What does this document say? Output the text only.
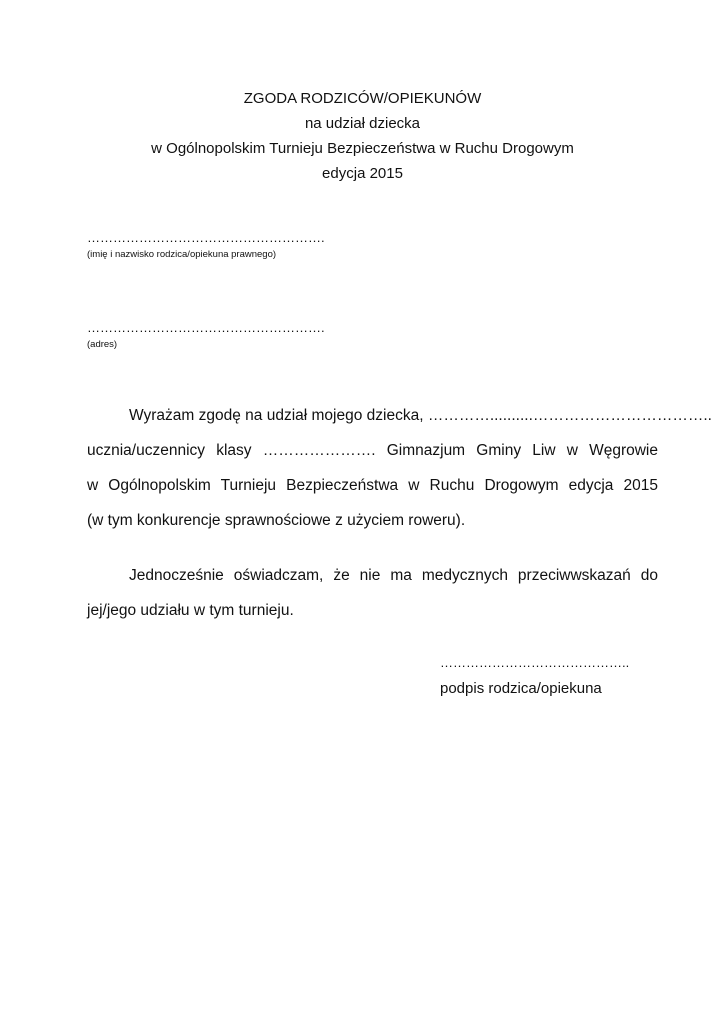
ZGODA RODZICÓW/OPIEKUNÓW
na udział dziecka
w Ogólnopolskim Turnieju Bezpieczeństwa w Ruchu Drogowym
edycja 2015
……………………………………………….
(imię i nazwisko rodzica/opiekuna prawnego)
……………………………………………….
(adres)
Wyrażam zgodę na udział mojego dziecka, …………..........……………………………..
ucznia/uczennicy klasy …………………. Gimnazjum Gminy Liw w Węgrowie
w Ogólnopolskim Turnieju Bezpieczeństwa w Ruchu Drogowym edycja 2015
(w tym konkurencje sprawnościowe z użyciem roweru).
Jednocześnie oświadczam, że nie ma medycznych przeciwwskazań do
jej/jego udziału w tym turnieju.
……………………………………..
podpis rodzica/opiekuna
